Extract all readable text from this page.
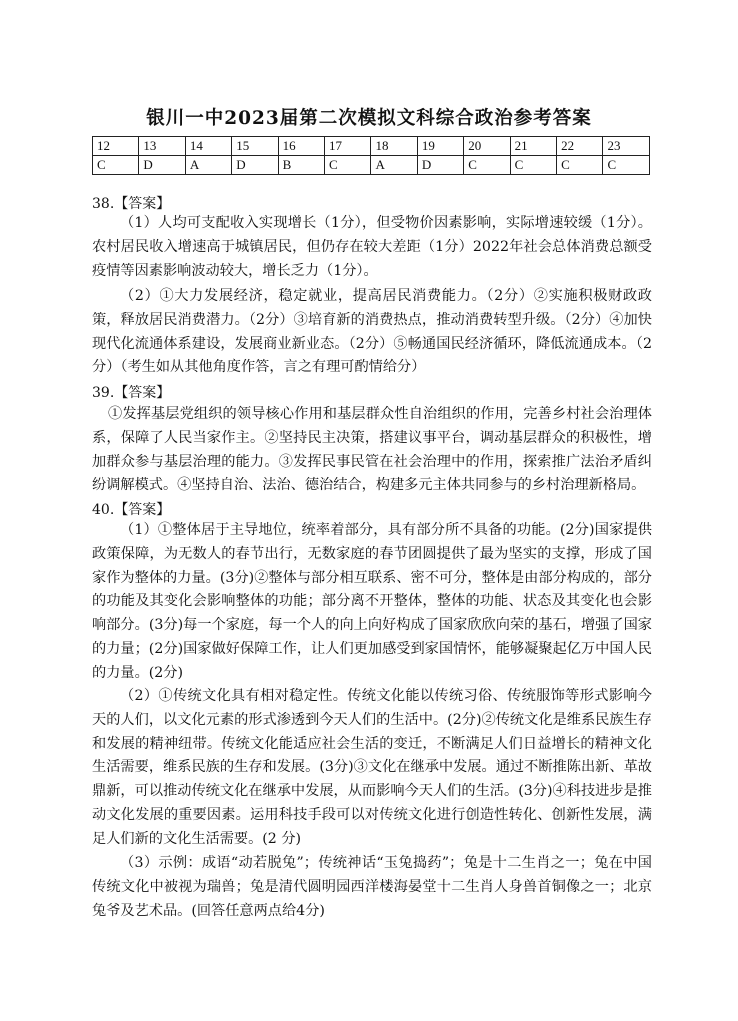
银川一中2023届第二次模拟文科综合政治参考答案
12	13	14	15	16	17	18	19	20	21	22	23
C	D	A	D	B	C	A	D	C	C	C	C
38.【答案】
（1）人均可支配收入实现增长（1分），但受物价因素影响，实际增速较缓（1分）。农村居民收入增速高于城镇居民，但仍存在较大差距（1分）2022年社会总体消费总额受疫情等因素影响波动较大，增长乏力（1分）。
（2）①大力发展经济，稳定就业，提高居民消费能力。（2分）②实施积极财政政策，释放居民消费潜力。（2分）③培育新的消费热点，推动消费转型升级。（2分）④加快现代化流通体系建设，发展商业新业态。（2分）⑤畅通国民经济循环，降低流通成本。（2分）（考生如从其他角度作答，言之有理可酌情给分）
39.【答案】
①发挥基层党组织的领导核心作用和基层群众性自治组织的作用，完善乡村社会治理体系，保障了人民当家作主。②坚持民主决策，搭建议事平台，调动基层群众的积极性，增加群众参与基层治理的能力。③发挥民事民管在社会治理中的作用，探索推广法治矛盾纠纷调解模式。④坚持自治、法治、德治结合，构建多元主体共同参与的乡村治理新格局。
40.【答案】
（1）①整体居于主导地位，统率着部分，具有部分所不具备的功能。(2分)国家提供政策保障，为无数人的春节出行，无数家庭的春节团圆提供了最为坚实的支撑，形成了国家作为整体的力量。(3分)②整体与部分相互联系、密不可分，整体是由部分构成的，部分的功能及其变化会影响整体的功能；部分离不开整体，整体的功能、状态及其变化也会影响部分。(3分)每一个家庭，每一个人的向上向好构成了国家欣欣向荣的基石，增强了国家的力量；(2分)国家做好保障工作，让人们更加感受到家国情怀，能够凝聚起亿万中国人民的力量。(2分)
（2）①传统文化具有相对稳定性。传统文化能以传统习俗、传统服饰等形式影响今天的人们，以文化元素的形式渗透到今天人们的生活中。(2分)②传统文化是维系民族生存和发展的精神纽带。传统文化能适应社会生活的变迁，不断满足人们日益增长的精神文化生活需要，维系民族的生存和发展。(3分)③文化在继承中发展。通过不断推陈出新、革故鼎新，可以推动传统文化在继承中发展，从而影响今天人们的生活。(3分)④科技进步是推动文化发展的重要因素。运用科技手段可以对传统文化进行创造性转化、创新性发展，满足人们新的文化生活需要。(2 分)
（3）示例：成语“动若脱兔”；传统神话“玉兔捣药”；兔是十二生肖之一；兔在中国传统文化中被视为瑞兽；兔是清代圆明园西洋楼海晏堂十二生肖人身兽首铜像之一；北京兔爷及艺术品。(回答任意两点给4分)
